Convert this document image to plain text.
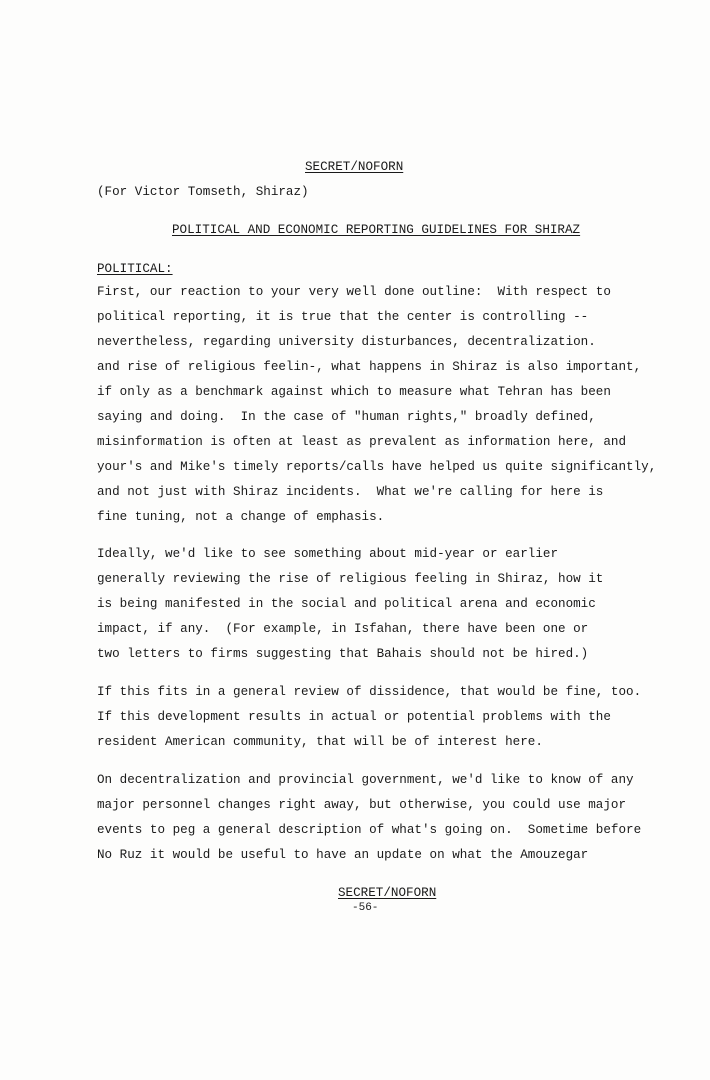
SECRET/NOFORN
(For Victor Tomseth, Shiraz)
POLITICAL AND ECONOMIC REPORTING GUIDELINES FOR SHIRAZ
POLITICAL:
First, our reaction to your very well done outline:  With respect to
political reporting, it is true that the center is controlling --
nevertheless, regarding university disturbances, decentralization.
and rise of religious feelin-, what happens in Shiraz is also important,
if only as a benchmark against which to measure what Tehran has been
saying and doing.  In the case of "human rights," broadly defined,
misinformation is often at least as prevalent as information here, and
your's and Mike's timely reports/calls have helped us quite significantly,
and not just with Shiraz incidents.  What we're calling for here is
fine tuning, not a change of emphasis.
Ideally, we'd like to see something about mid-year or earlier
generally reviewing the rise of religious feeling in Shiraz, how it
is being manifested in the social and political arena and economic
impact, if any.  (For example, in Isfahan, there have been one or
two letters to firms suggesting that Bahais should not be hired.)
If this fits in a general review of dissidence, that would be fine, too.
If this development results in actual or potential problems with the
resident American community, that will be of interest here.
On decentralization and provincial government, we'd like to know of any
major personnel changes right away, but otherwise, you could use major
events to peg a general description of what's going on.  Sometime before
No Ruz it would be useful to have an update on what the Amouzegar
SECRET/NOFORN
-56-
